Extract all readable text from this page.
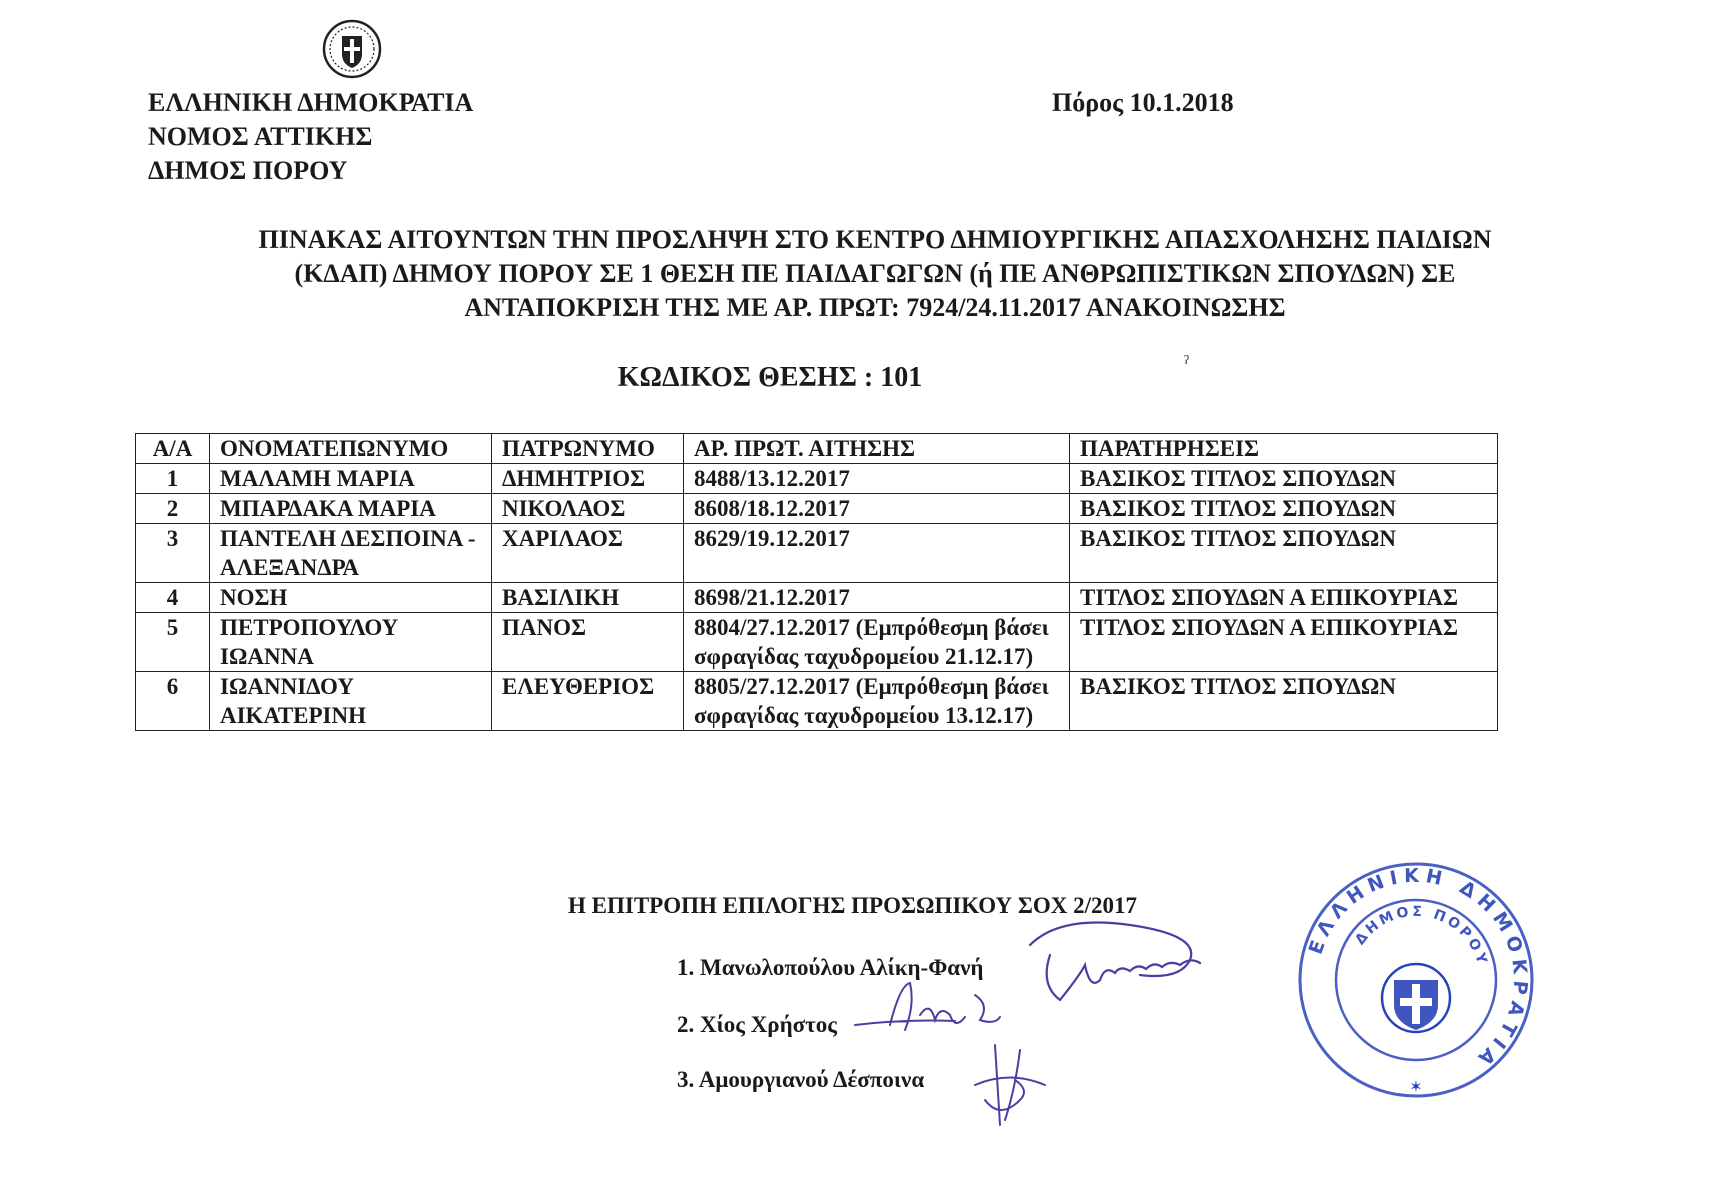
ΕΛΛΗΝΙΚΗ ΔΗΜΟΚΡΑΤΙΑ
ΝΟΜΟΣ ΑΤΤΙΚΗΣ
ΔΗΜΟΣ ΠΟΡΟΥ
Πόρος 10.1.2018
ΠΙΝΑΚΑΣ ΑΙΤΟΥΝΤΩΝ ΤΗΝ ΠΡΟΣΛΗΨΗ ΣΤΟ ΚΕΝΤΡΟ ΔΗΜΙΟΥΡΓΙΚΗΣ ΑΠΑΣΧΟΛΗΣΗΣ ΠΑΙΔΙΩΝ
(ΚΔΑΠ) ΔΗΜΟΥ ΠΟΡΟΥ ΣΕ 1 ΘΕΣΗ ΠΕ ΠΑΙΔΑΓΩΓΩΝ (ή ΠΕ ΑΝΘΡΩΠΙΣΤΙΚΩΝ ΣΠΟΥΔΩΝ) ΣΕ
ΑΝΤΑΠΟΚΡΙΣΗ ΤΗΣ ΜΕ ΑΡ. ΠΡΩΤ: 7924/24.11.2017 ΑΝΑΚΟΙΝΩΣΗΣ
ΚΩΔΙΚΟΣ ΘΕΣΗΣ : 101	ˀ
Α/Α	ΟΝΟΜΑΤΕΠΩΝΥΜΟ	ΠΑΤΡΩΝΥΜΟ	ΑΡ. ΠΡΩΤ. ΑΙΤΗΣΗΣ	ΠΑΡΑΤΗΡΗΣΕΙΣ
1	ΜΑΛΑΜΗ ΜΑΡΙΑ	ΔΗΜΗΤΡΙΟΣ	8488/13.12.2017	ΒΑΣΙΚΟΣ ΤΙΤΛΟΣ ΣΠΟΥΔΩΝ
2	ΜΠΑΡΔΑΚΑ ΜΑΡΙΑ	ΝΙΚΟΛΑΟΣ	8608/18.12.2017	ΒΑΣΙΚΟΣ ΤΙΤΛΟΣ ΣΠΟΥΔΩΝ
3	ΠΑΝΤΕΛΗ ΔΕΣΠΟΙΝΑ - ΑΛΕΞΑΝΔΡΑ	ΧΑΡΙΛΑΟΣ	8629/19.12.2017	ΒΑΣΙΚΟΣ ΤΙΤΛΟΣ ΣΠΟΥΔΩΝ
4	ΝΟΣΗ	ΒΑΣΙΛΙΚΗ	8698/21.12.2017	ΤΙΤΛΟΣ ΣΠΟΥΔΩΝ Α ΕΠΙΚΟΥΡΙΑΣ
5	ΠΕΤΡΟΠΟΥΛΟΥ ΙΩΑΝΝΑ	ΠΑΝΟΣ	8804/27.12.2017 (Εμπρόθεσμη βάσει σφραγίδας ταχυδρομείου 21.12.17)	ΤΙΤΛΟΣ ΣΠΟΥΔΩΝ Α ΕΠΙΚΟΥΡΙΑΣ
6	ΙΩΑΝΝΙΔΟΥ ΑΙΚΑΤΕΡΙΝΗ	ΕΛΕΥΘΕΡΙΟΣ	8805/27.12.2017 (Εμπρόθεσμη βάσει σφραγίδας ταχυδρομείου 13.12.17)	ΒΑΣΙΚΟΣ ΤΙΤΛΟΣ ΣΠΟΥΔΩΝ
Η ΕΠΙΤΡΟΠΗ ΕΠΙΛΟΓΗΣ ΠΡΟΣΩΠΙΚΟΥ ΣΟΧ 2/2017
1. Μανωλοπούλου Αλίκη-Φανή
2. Χίος Χρήστος
3. Αμουργιανού Δέσποινα
ΕΛΛΗΝΙΚΗ ΔΗΜΟΚΡΑΤΙΑ
ΔΗΜΟΣ ΠΟΡΟΥ
✶
